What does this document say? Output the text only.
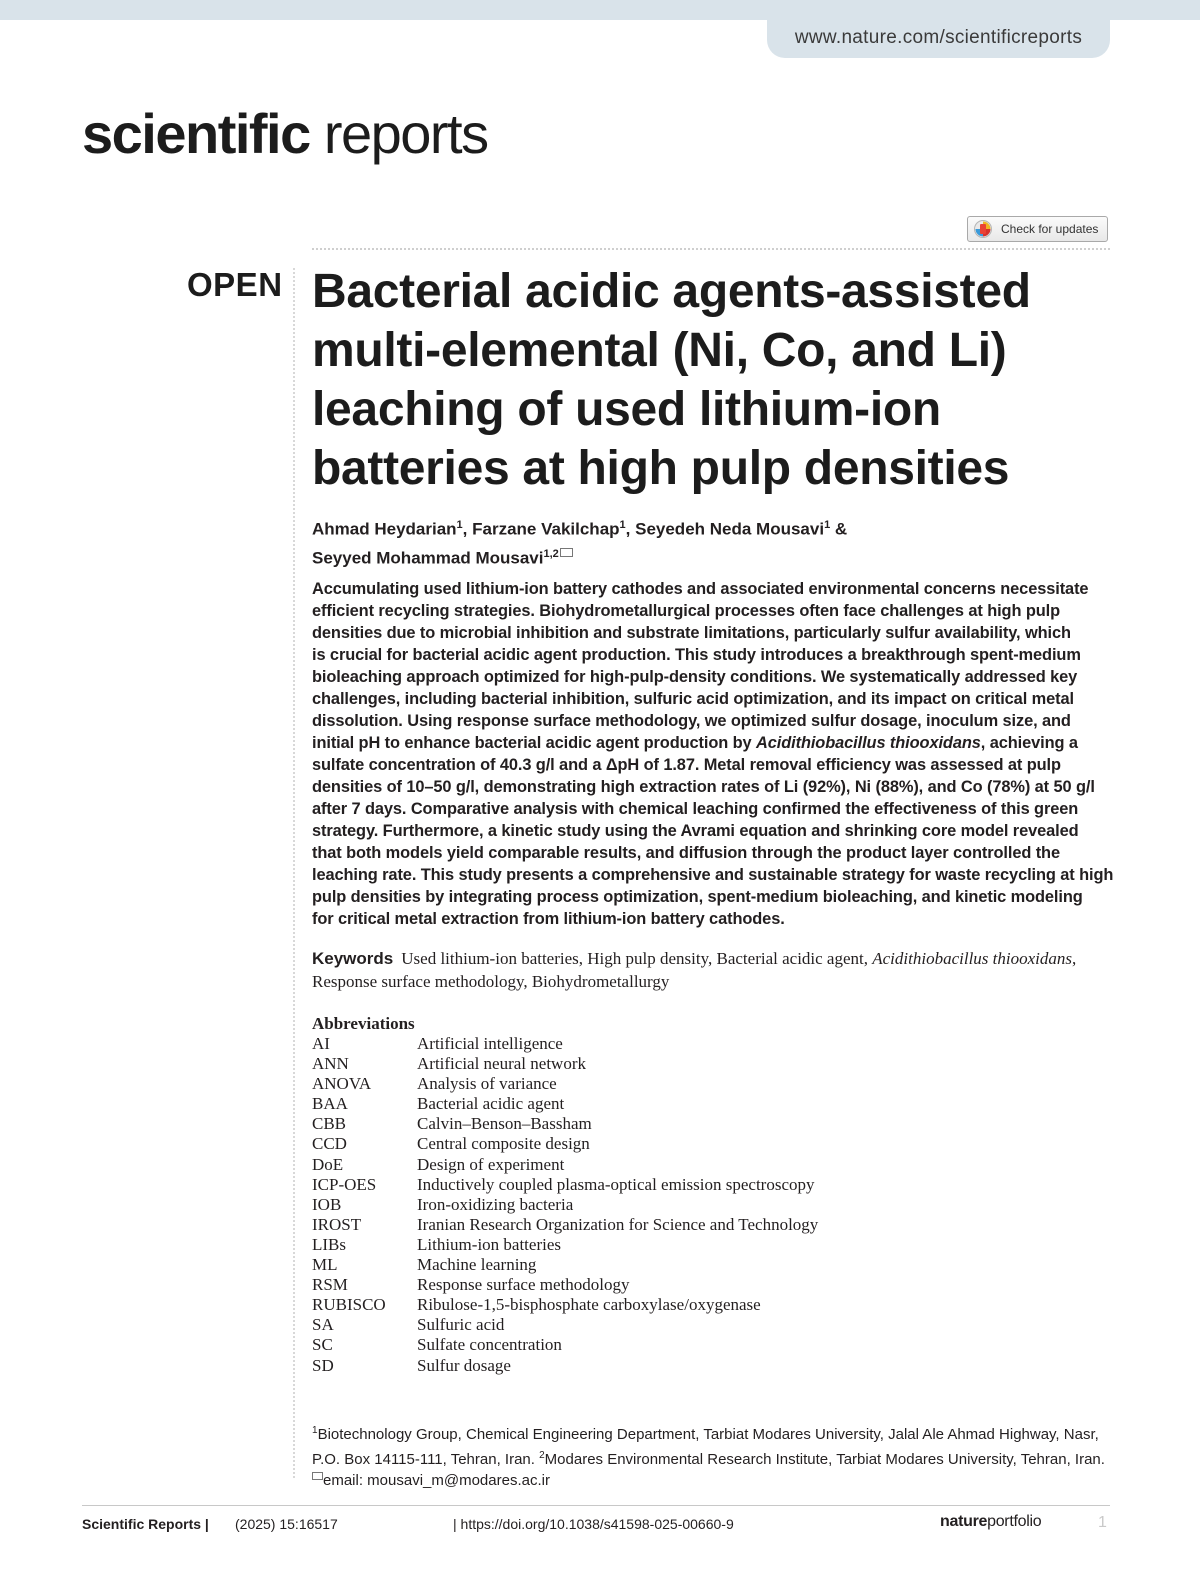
www.nature.com/scientificreports
scientific reports
Check for updates
OPEN Bacterial acidic agents-assisted multi-elemental (Ni, Co, and Li) leaching of used lithium-ion batteries at high pulp densities
Ahmad Heydarian$^1$, Farzane Vakilchap$^1$, Seyedeh Neda Mousavi$^1$ &
Seyyed Mohammad Mousavi$^{1,2}$
Accumulating used lithium-ion battery cathodes and associated environmental concerns necessitate
efficient recycling strategies. Biohydrometallurgical processes often face challenges at high pulp
densities due to microbial inhibition and substrate limitations, particularly sulfur availability, which
is crucial for bacterial acidic agent production. This study introduces a breakthrough spent-medium
bioleaching approach optimized for high-pulp-density conditions. We systematically addressed key
challenges, including bacterial inhibition, sulfuric acid optimization, and its impact on critical metal
dissolution. Using response surface methodology, we optimized sulfur dosage, inoculum size, and
initial pH to enhance bacterial acidic agent production by Acidithiobacillus thiooxidans, achieving a
sulfate concentration of 40.3 g/l and a ΔpH of 1.87. Metal removal efficiency was assessed at pulp
densities of 10–50 g/l, demonstrating high extraction rates of Li (92%), Ni (88%), and Co (78%) at 50 g/l
after 7 days. Comparative analysis with chemical leaching confirmed the effectiveness of this green
strategy. Furthermore, a kinetic study using the Avrami equation and shrinking core model revealed
that both models yield comparable results, and diffusion through the product layer controlled the
leaching rate. This study presents a comprehensive and sustainable strategy for waste recycling at high
pulp densities by integrating process optimization, spent-medium bioleaching, and kinetic modeling
for critical metal extraction from lithium-ion battery cathodes.
Keywords Used lithium-ion batteries, High pulp density, Bacterial acidic agent, Acidithiobacillus thiooxidans, Response surface methodology, Biohydrometallurgy
Abbreviations
AI	Artificial intelligence
ANN	Artificial neural network
ANOVA	Analysis of variance
BAA	Bacterial acidic agent
CBB	Calvin–Benson–Bassham
CCD	Central composite design
DoE	Design of experiment
ICP-OES Inductively coupled plasma-optical emission spectroscopy
IOB	Iron-oxidizing bacteria
IROST	Iranian Research Organization for Science and Technology
LIBs	Lithium-ion batteries
ML	Machine learning
RSM	Response surface methodology
RUBISCO Ribulose-1,5-bisphosphate carboxylase/oxygenase
SA	Sulfuric acid
SC	Sulfate concentration
SD	Sulfur dosage
$^1$Biotechnology Group, Chemical Engineering Department, Tarbiat Modares University, Jalal Ale Ahmad Highway, Nasr, P.O. Box 14115-111, Tehran, Iran. $^2$Modares Environmental Research Institute, Tarbiat Modares University, Tehran, Iran. email: mousavi_m@modares.ac.ir
Scientific Reports | (2025) 15:16517	| https://doi.org/10.1038/s41598-025-00660-9	natureportfolio	1
